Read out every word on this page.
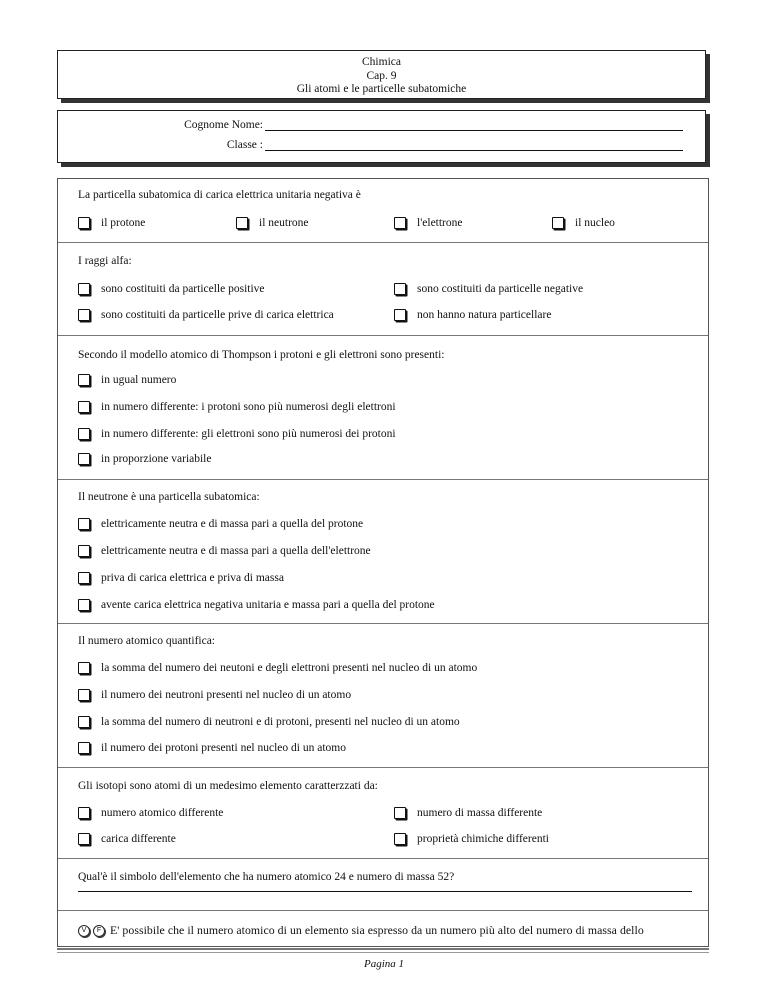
Chimica
Cap. 9
Gli atomi e le particelle subatomiche
Cognome Nome:
Classe :
La particella subatomica di carica elettrica unitaria negativa è
il protone	il neutrone	l'elettrone	il nucleo
I raggi alfa:
sono costituiti da particelle positive	sono costituiti da particelle negative
sono costituiti da particelle prive di carica elettrica	non hanno natura particellare
Secondo il modello atomico di Thompson i protoni e gli elettroni sono presenti:
in ugual numero
in numero differente: i protoni sono più numerosi degli elettroni
in numero differente: gli elettroni sono più numerosi dei protoni
in proporzione variabile
Il neutrone è una particella subatomica:
elettricamente neutra e di massa pari a quella del protone
elettricamente neutra e di massa pari a quella dell'elettrone
priva di carica elettrica e priva di massa
avente carica elettrica negativa unitaria e massa pari a quella del protone
Il numero atomico quantifica:
la somma del numero dei neutoni e degli elettroni presenti nel nucleo di un atomo
il numero dei neutroni presenti nel nucleo di un atomo
la somma del numero di neutroni e di protoni, presenti nel nucleo di un atomo
il numero dei protoni presenti nel nucleo di un atomo
Gli isotopi sono atomi di un medesimo elemento caratterzzati da:
numero atomico differente	numero di massa differente
carica differente	proprietà chimiche differenti
Qual'è il simbolo dell'elemento che ha numero atomico 24 e numero di massa 52?
V	F E' possibile che il numero atomico di un elemento sia espresso da un numero più alto del numero di massa dello
Pagina 1
